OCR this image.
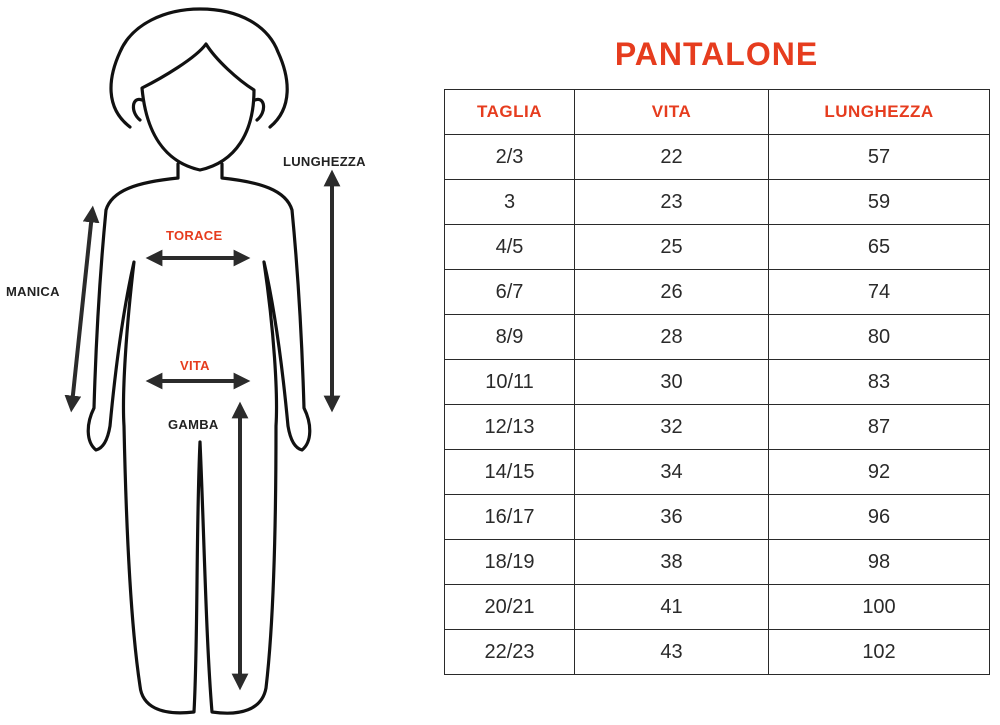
TORACE
VITA
MANICA
LUNGHEZZA
GAMBA
PANTALONE
TAGLIA	VITA	LUNGHEZZA
2/3	22	57
3	23	59
4/5	25	65
6/7	26	74
8/9	28	80
10/11	30	83
12/13	32	87
14/15	34	92
16/17	36	96
18/19	38	98
20/21	41	100
22/23	43	102
